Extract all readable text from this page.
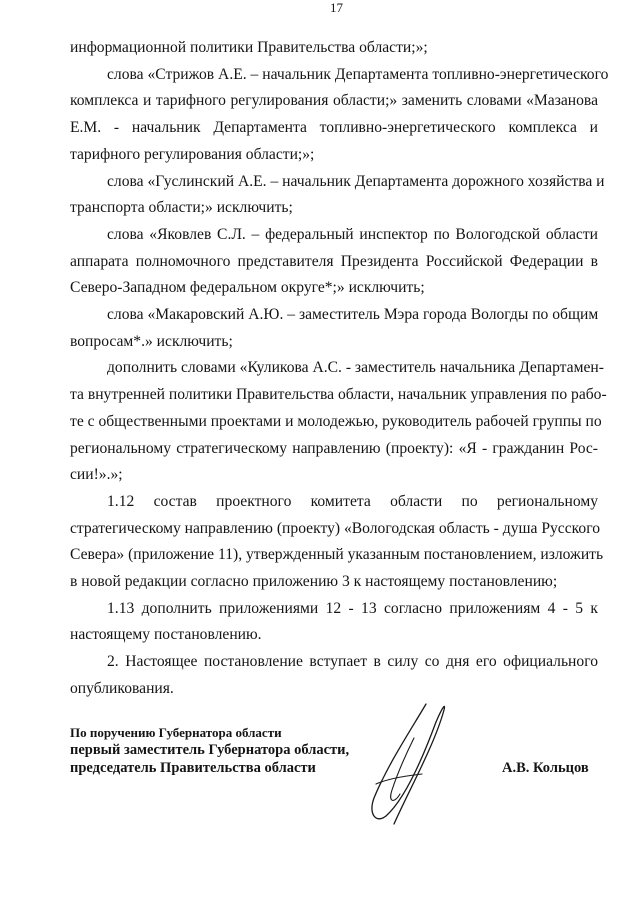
17
информационной политики Правительства области;»;
слова «Стрижов А.Е. – начальник Департамента топливно-энергетического
комплекса и тарифного регулирования области;» заменить словами «Мазанова
Е.М. - начальник Департамента топливно-энергетического комплекса и
тарифного регулирования области;»;
слова «Гуслинский А.Е. – начальник Департамента дорожного хозяйства и
транспорта области;» исключить;
слова «Яковлев С.Л. – федеральный инспектор по Вологодской области
аппарата полномочного представителя Президента Российской Федерации в
Северо-Западном федеральном округе*;» исключить;
слова «Макаровский А.Ю. – заместитель Мэра города Вологды по общим
вопросам*.» исключить;
дополнить словами «Куликова А.С. - заместитель начальника Департамен-
та внутренней политики Правительства области, начальник управления по рабо-
те с общественными проектами и молодежью, руководитель рабочей группы по
региональному стратегическому направлению (проекту): «Я - гражданин Рос-
сии!».»;
1.12 состав проектного комитета области по региональному
стратегическому направлению (проекту) «Вологодская область - душа Русского
Севера» (приложение 11), утвержденный указанным постановлением, изложить
в новой редакции согласно приложению 3 к настоящему постановлению;
1.13 дополнить приложениями 12 - 13 согласно приложениям 4 - 5 к
настоящему постановлению.
2. Настоящее постановление вступает в силу со дня его официального
опубликования.
По поручению Губернатора области
первый заместитель Губернатора области,
председатель Правительства области	А.В. Кольцов
